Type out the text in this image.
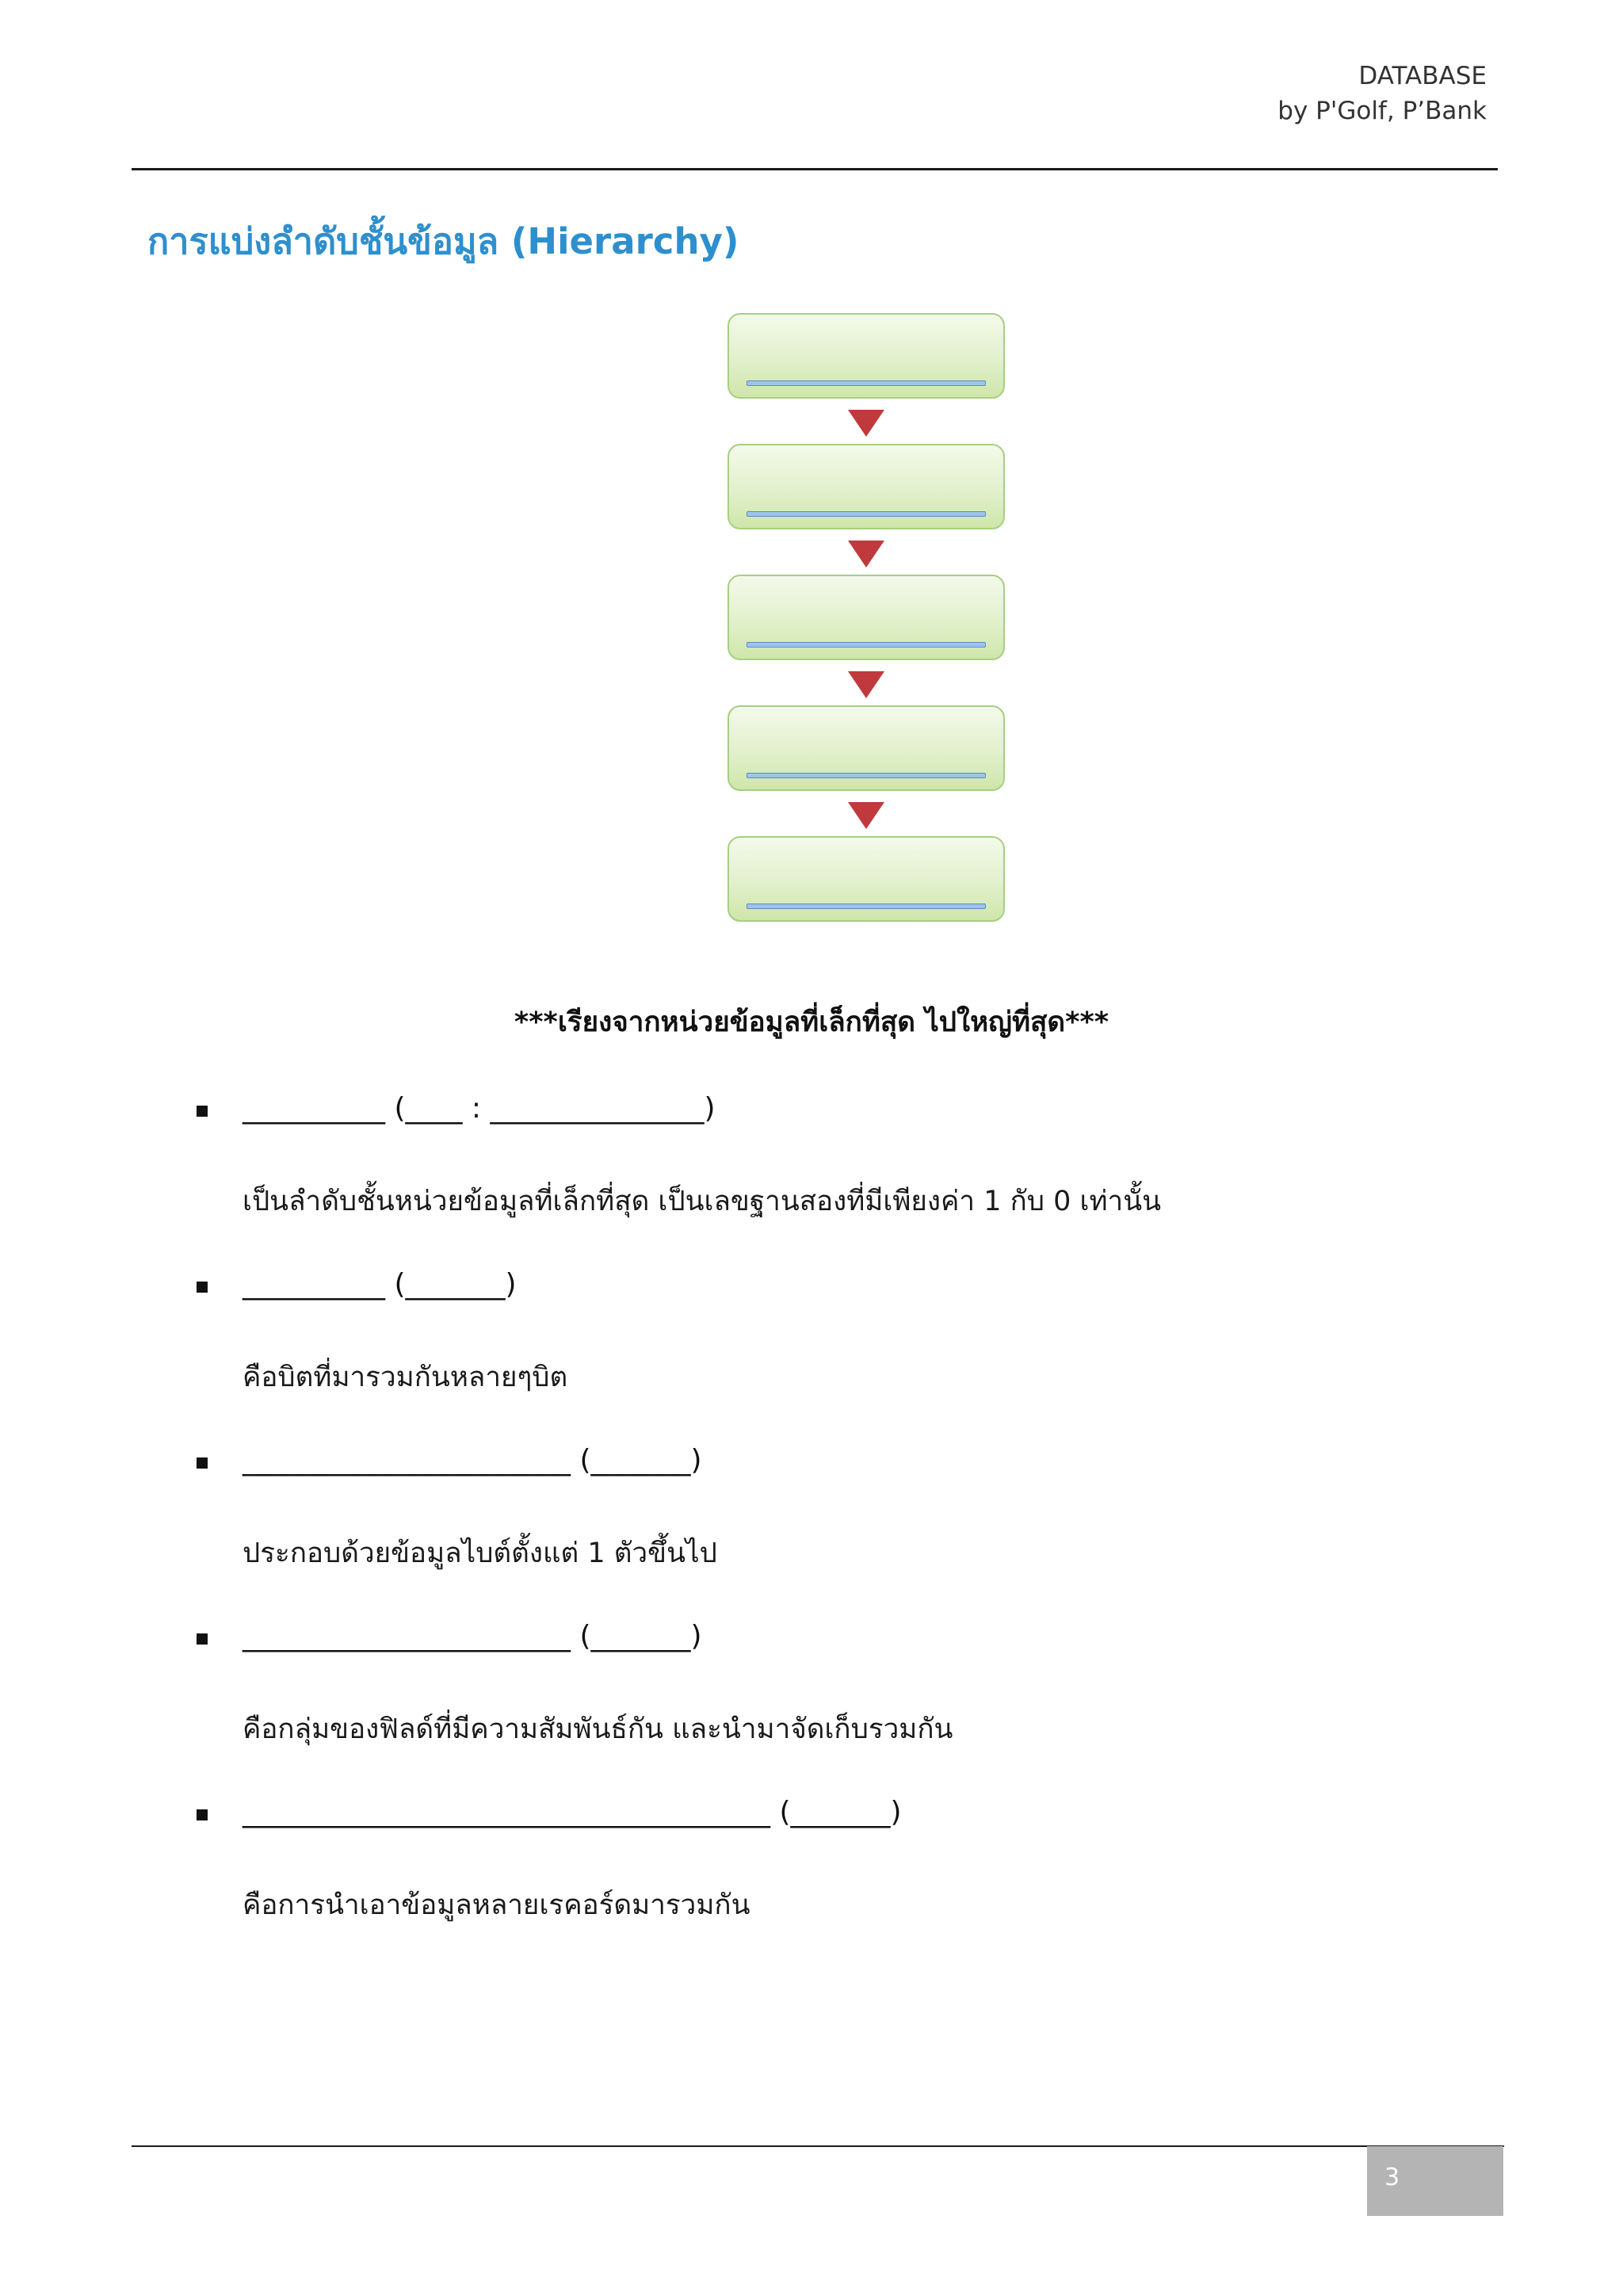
DATABASE
by P'Golf, P’Bank
การแบ่งลำดับชั้นข้อมูล (Hierarchy)
***เรียงจากหน่วยข้อมูลที่เล็กที่สุด ไปใหญ่ที่สุด***
__________ (____ : _______________)
เป็นลำดับชั้นหน่วยข้อมูลที่เล็กที่สุด เป็นเลขฐานสองที่มีเพียงค่า 1 กับ 0 เท่านั้น
__________ (_______)
คือบิตที่มารวมกันหลายๆบิต
_______________________ (_______)
ประกอบด้วยข้อมูลไบต์ตั้งแต่ 1 ตัวขึ้นไป
_______________________ (_______)
คือกลุ่มของฟิลด์ที่มีความสัมพันธ์กัน และนำมาจัดเก็บรวมกัน
_____________________________________ (_______)
คือการนำเอาข้อมูลหลายเรคอร์ดมารวมกัน
3
